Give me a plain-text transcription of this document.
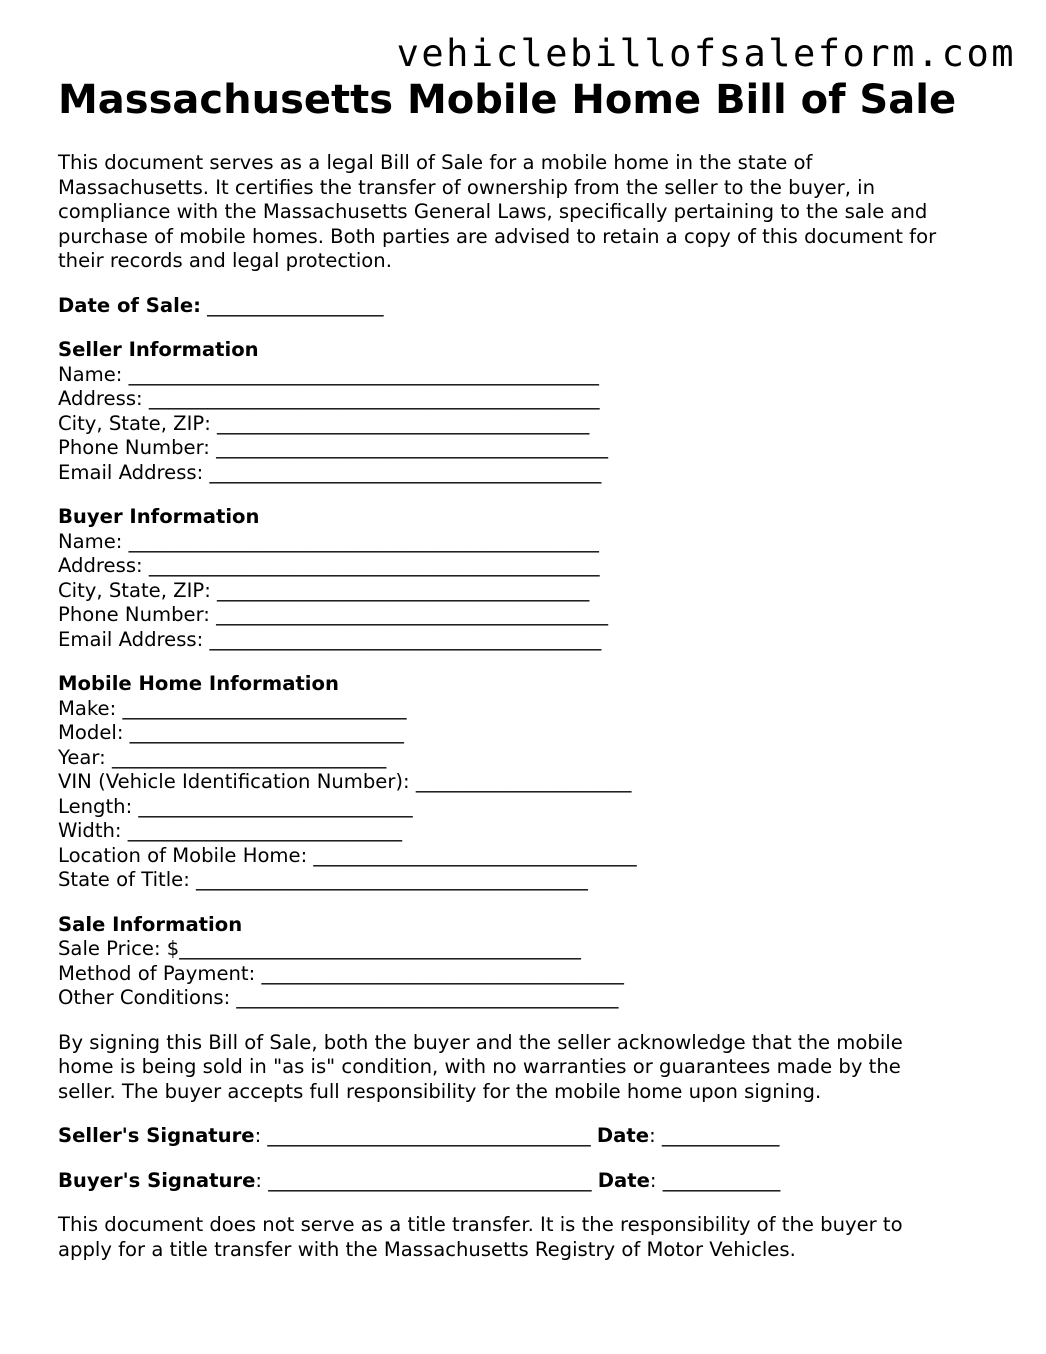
vehiclebillofsaleform.com
Massachusetts Mobile Home Bill of Sale

This document serves as a legal Bill of Sale for a mobile home in the state of

Massachusetts. It certifies the transfer of ownership from the seller to the buyer, in

compliance with the Massachusetts General Laws, specifically pertaining to the sale and

purchase of mobile homes. Both parties are advised to retain a copy of this document for

their records and legal protection.

Date of Sale: __________________

Seller Information

Name: ________________________________________________

Address: ______________________________________________

City, State, ZIP: ______________________________________

Phone Number: ________________________________________

Email Address: ________________________________________

Buyer Information

Name: ________________________________________________

Address: ______________________________________________

City, State, ZIP: ______________________________________

Phone Number: ________________________________________

Email Address: ________________________________________

Mobile Home Information

Make: _____________________________

Model: ____________________________

Year: ____________________________

VIN (Vehicle Identification Number): ______________________

Length: ____________________________

Width: ____________________________

Location of Mobile Home: _________________________________

State of Title: ________________________________________

Sale Information

Sale Price: $_________________________________________

Method of Payment: _____________________________________

Other Conditions: _______________________________________

By signing this Bill of Sale, both the buyer and the seller acknowledge that the mobile

home is being sold in "as is" condition, with no warranties or guarantees made by the

seller. The buyer accepts full responsibility for the mobile home upon signing.

Seller's Signature: _________________________________ Date: ____________

Buyer's Signature: _________________________________ Date: ____________

This document does not serve as a title transfer. It is the responsibility of the buyer to

apply for a title transfer with the Massachusetts Registry of Motor Vehicles.
